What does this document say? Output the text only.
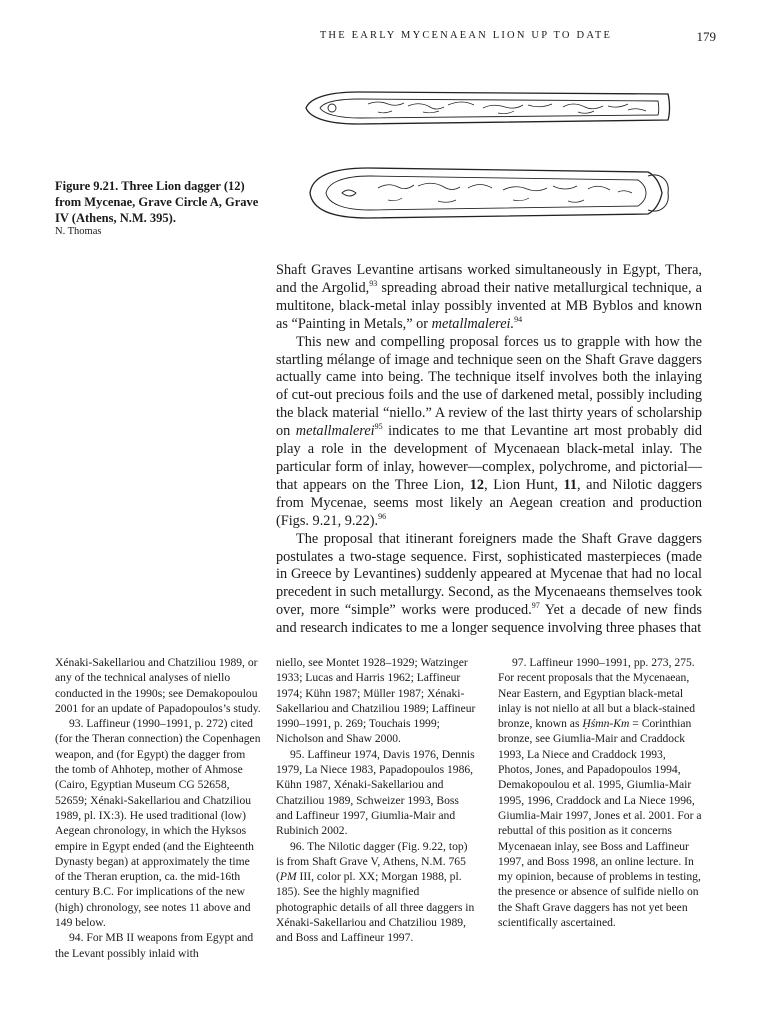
THE EARLY MYCENAEAN LION UP TO DATE	179
Figure 9.21. Three Lion dagger (12) from Mycenae, Grave Circle A, Grave IV (Athens, N.M. 395).
N. Thomas

Shaft Graves Levantine artisans worked simultaneously in Egypt, Thera, and the Argolid,$^{93}$ spreading abroad their native metallurgical technique, a multitone, black-metal inlay possibly invented at MB Byblos and known as “Painting in Metals,” or metallmalerei.$^{94}$

This new and compelling proposal forces us to grapple with how the startling mélange of image and technique seen on the Shaft Grave daggers actually came into being. The technique itself involves both the inlaying of cut-out precious foils and the use of darkened metal, possibly including the black material “niello.” A review of the last thirty years of scholarship on metallmalerei$^{95}$ indicates to me that Levantine art most probably did play a role in the development of Mycenaean black-metal inlay. The particular form of inlay, however—complex, polychrome, and pictorial—that appears on the Three Lion, 12, Lion Hunt, 11, and Nilotic daggers from Mycenae, seems most likely an Aegean creation and production (Figs. 9.21, 9.22).$^{96}$

The proposal that itinerant foreigners made the Shaft Grave daggers postulates a two-stage sequence. First, sophisticated masterpieces (made in Greece by Levantines) suddenly appeared at Mycenae that had no local precedent in such metallurgy. Second, as the Mycenaeans themselves took over, more “simple” works were produced.$^{97}$ Yet a decade of new finds and research indicates to me a longer sequence involving three phases that

Xénaki-Sakellariou and Chatziliou 1989, or any of the technical analyses of niello conducted in the 1990s; see Demakopoulou 2001 for an update of Papadopoulos’s study.

93. Laffineur (1990–1991, p. 272) cited (for the Theran connection) the Copenhagen weapon, and (for Egypt) the dagger from the tomb of Ahhotep, mother of Ahmose (Cairo, Egyptian Museum CG 52658, 52659; Xénaki-Sakellariou and Chatziliou 1989, pl. IX:3). He used traditional (low) Aegean chronology, in which the Hyksos empire in Egypt ended (and the Eighteenth Dynasty began) at approximately the time of the Theran eruption, ca. the mid-16th century B.C. For implications of the new (high) chronology, see notes 11 above and 149 below.

94. For MB II weapons from Egypt and the Levant possibly inlaid with

niello, see Montet 1928–1929; Watzinger 1933; Lucas and Harris 1962; Laffineur 1974; Kühn 1987; Müller 1987; Xénaki-Sakellariou and Chatziliou 1989; Laffineur 1990–1991, p. 269; Touchais 1999; Nicholson and Shaw 2000.

95. Laffineur 1974, Davis 1976, Dennis 1979, La Niece 1983, Papadopoulos 1986, Kühn 1987, Xénaki-Sakellariou and Chatziliou 1989, Schweizer 1993, Boss and Laffineur 1997, Giumlia-Mair and Rubinich 2002.

96. The Nilotic dagger (Fig. 9.22, top) is from Shaft Grave V, Athens, N.M. 765 (PM III, color pl. XX; Morgan 1988, pl. 185). See the highly magnified photographic details of all three daggers in Xénaki-Sakellariou and Chatziliou 1989, and Boss and Laffineur 1997.

97. Laffineur 1990–1991, pp. 273, 275. For recent proposals that the Mycenaean, Near Eastern, and Egyptian black-metal inlay is not niello at all but a black-stained bronze, known as Ḥśmn-Km = Corinthian bronze, see Giumlia-Mair and Craddock 1993, La Niece and Craddock 1993, Photos, Jones, and Papadopoulos 1994, Demakopoulou et al. 1995, Giumlia-Mair 1995, 1996, Craddock and La Niece 1996, Giumlia-Mair 1997, Jones et al. 2001. For a rebuttal of this position as it concerns Mycenaean inlay, see Boss and Laffineur 1997, and Boss 1998, an online lecture. In my opinion, because of problems in testing, the presence or absence of sulfide niello on the Shaft Grave daggers has not yet been scientifically ascertained.
